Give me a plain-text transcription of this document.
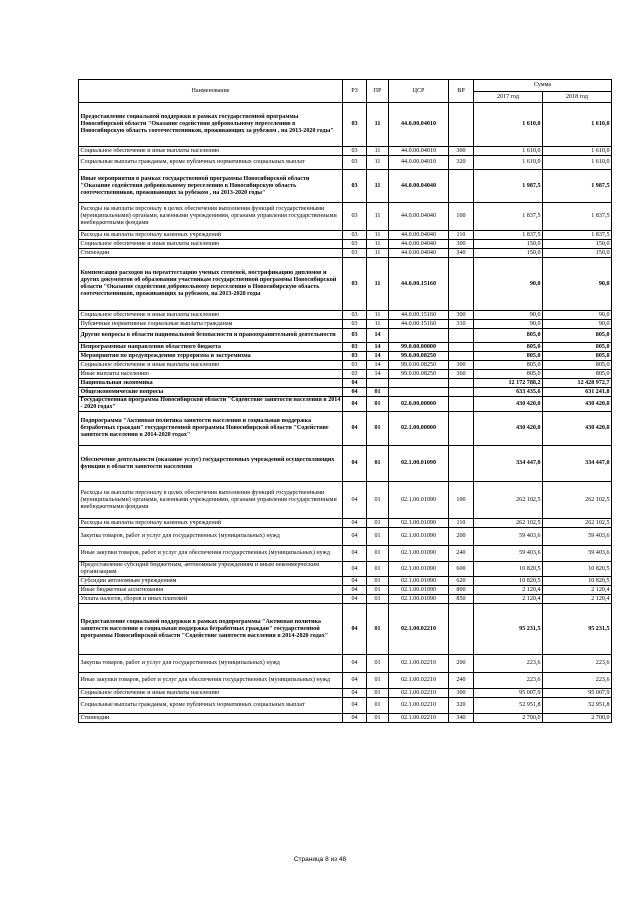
Наименование	РЗ	ПР	ЦСР	ВР	Сумма	
					2017 год	2018 год
Предоставление социальной поддержки в рамках государственной программы Новосибирской области "Оказание содействия добровольному переселению в Новосибирскую область соотечественников, проживающих за рубежом , на 2013-2020 годы"	03	11	44.0.00.04010		1 610,0	1 610,0
Социальное обеспечение и иные выплаты населению	03	11	44.0.00.04010	300	1 610,0	1 610,0
Социальные выплаты гражданам, кроме публичных нормативных социальных выплат	03	11	44.0.00.04010	320	1 610,0	1 610,0
Иные мероприятия в рамках государственной программы Новосибирской области "Оказание содействия добровольному переселению в Новосибирскую область соотечественников, проживающих за рубежом , на 2013-2020 годы"	03	11	44.0.00.04040		1 987,5	1 987,5
Расходы на выплаты персоналу в целях обеспечения выполнения функций государственными (муниципальными) органами, казенными учреждениями, органами управления государственными внебюджетными фондами	03	11	44.0.00.04040	100	1 837,5	1 837,5
Расходы на выплаты персоналу казенных учреждений	03	11	44.0.00.04040	110	1 837,5	1 837,5
Социальное обеспечение и иные выплаты населению	03	11	44.0.00.04040	300	150,0	150,0
Стипендии	03	11	44.0.00.04040	340	150,0	150,0
Компенсация расходов на переаттестацию ученых степеней, нострификацию дипломов и других документов об образовании участникам государственной программы Новосибирской области "Оказание содействия добровольному переселению в Новосибирскую область соотечественников, проживающих за рубежом, на 2013-2020 годы	03	11	44.0.00.15160		90,0	90,0
Социальное обеспечение и иные выплаты населению	03	11	44.0.00.15160	300	90,0	90,0
Публичные нормативные социальные выплаты гражданам	03	11	44.0.00.15160	310	90,0	90,0
Другие вопросы в области национальной безопасности и правоохранительной деятельности	03	14			805,0	805,0
Непрограммные направления областного бюджета	03	14	99.0.00.00000		805,0	805,0
Мероприятия по предупреждению терроризма и экстремизма	03	14	99.0.00.08250		805,0	805,0
Социальное обеспечение и иные выплаты населению	03	14	99.0.00.08250	300	805,0	805,0
Иные выплаты населению	03	14	99.0.00.08250	360	805,0	805,0
Национальная экономика	04				12 172 788,2	12 428 972,7
Общеэкономические вопросы	04	01			633 435,6	631 241,8
Государственная программа Новосибирской области "Содействие занятости населения в 2014 - 2020 годах"	04	01	02.0.00.00000		430 420,0	430 420,0
Подпрограмма "Активная политика занятости населения и социальная поддержка безработных граждан" государственной программы Новосибирской области "Содействие занятости населения в 2014-2020 годах"	04	01	02.1.00.00000		430 420,0	430 420,0
Обеспечение деятельности (оказание услуг) государственных учреждений осуществляющих функции в области занятости населения	04	01	02.1.00.01090		334 447,0	334 447,0
Расходы на выплаты персоналу в целях обеспечения выполнения функций государственными (муниципальными) органами, казенными учреждениями, органами управления государственными внебюджетными фондами	04	01	02.1.00.01090	100	262 102,5	262 102,5
Расходы на выплаты персоналу казенных учреждений	04	01	02.1.00.01090	110	262 102,5	262 102,5
Закупка товаров, работ и услуг для государственных (муниципальных) нужд	04	01	02.1.00.01090	200	59 403,6	59 403,6
Иные закупки товаров, работ и услуг для обеспечения государственных (муниципальных) нужд	04	01	02.1.00.01090	240	59 403,6	59 403,6
Предоставление субсидий бюджетным, автономным учреждениям и иным некоммерческим организациям	04	01	02.1.00.01090	600	10 820,5	10 820,5
Субсидии автономным учреждениям	04	01	02.1.00.01090	620	10 820,5	10 820,5
Иные бюджетные ассигнования	04	01	02.1.00.01090	800	2 120,4	2 120,4
Уплата налогов, сборов и иных платежей	04	01	02.1.00.01090	850	2 120,4	2 120,4
Предоставление социальной поддержки в рамках подпрограммы "Активная политика занятости населения и социальная поддержка безработных граждан" государственной программы Новосибирской области "Содействие занятости населения в 2014-2020 годах"	04	01	02.1.00.02210		95 231,5	95 231,5
Закупка товаров, работ и услуг для государственных (муниципальных) нужд	04	01	02.1.00.02210	200	223,6	223,6
Иные закупки товаров, работ и услуг для обеспечения государственных (муниципальных) нужд	04	01	02.1.00.02210	240	223,6	223,6
Социальное обеспечение и иные выплаты населению	04	01	02.1.00.02210	300	95 007,9	95 007,9
Социальные выплаты гражданам, кроме публичных нормативных социальных выплат	04	01	02.1.00.02210	320	52 951,8	52 951,8
Стипендии	04	01	02.1.00.02210	340	2 700,0	2 700,0
Страница 8 из 48
